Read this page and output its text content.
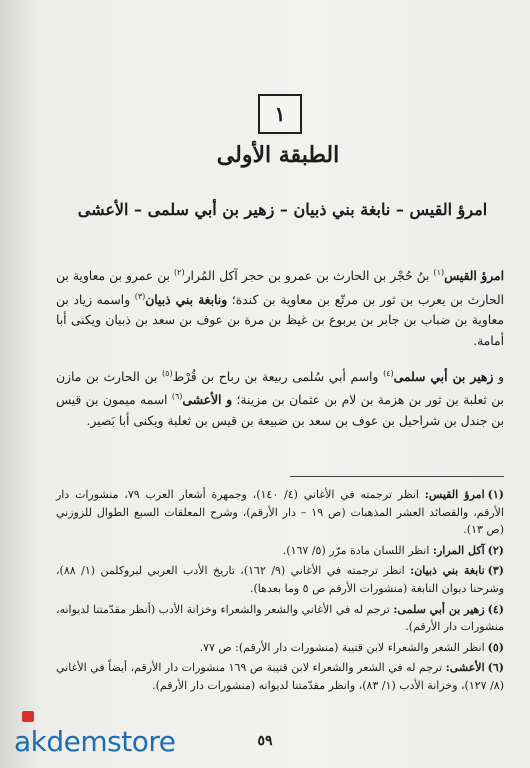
١
الطبقة الأولى
امرؤ القيس – نابغة بني ذبيان – زهير بن أبي سلمى – الأعشى

امرؤ القيس$^{(١)}$ بنُ حُجْر بن الحارث بن عمرو بن حجر آكل المُرار$^{(٢)}$ بن عمرو بن معاوية بن الحارث بن يعرب بن ثور بن مرتّع بن معاوية بن كندة؛ ونابغة بني ذبيان$^{(٣)}$ واسمه زياد بن معاوية بن ضباب بن جابر بن يربوع بن غيظ بن مرة بن عوف بن سعد بن ذبيان ويكنى أبا أمامة.

و زهير بن أبي سلمى$^{(٤)}$ واسم أبي سُلمى ربيعة بن رباح بن قُرْط$^{(٥)}$ بن الحارث بن مازن بن ثعلبة بن ثور بن هزمة بن لام بن عثمان بن مزينة؛ و الأعشى$^{(٦)}$ اسمه ميمون بن قيس بن جندل بن شراحيل بن عوف بن سعد بن ضبيعة بن قيس بن ثعلبة ويكنى أبا بَصير.

(١)امرؤ القيس: انظر ترجمته في الأغاني (٤/ ١٤٠)، وجمهرة أشعار العرب ٧٩، منشورات دار الأرقم، والقصائد العشر المذهبات (ص ١٩ – دار الأرقم)، وشرح المعلقات السبع الطوال للزوزني (ص ١٣).
(٢)آكل المرار: انظر اللسان مادة مرّر (٥/ ١٦٧).
(٣)نابغة بني ذبيان: انظر ترجمته في الأغاني (٩/ ١٦٢)، تاريخ الأدب العربي لبروكلمن (١/ ٨٨)، وشرحنا ديوان النابغة (منشورات الأرقم ص ٥ وما بعدها).
(٤)زهير بن أبي سلمى: ترجم له في الأغاني والشعر والشعراء وخزانة الأدب (أنظر مقدّمتنا لديوانه، منشورات دار الأرقم).
(٥)انظر الشعر والشعراء لابن قتيبة (منشورات دار الأرقم): ص ٧٧.
(٦)الأعشى: ترجم له في الشعر والشعراء لابن قتيبة ص ١٦٩ منشورات دار الأرقم، أيضاً في الأغاني (٨/ ١٢٧)، وخزانة الأدب (١/ ٨٣)، وانظر مقدّمتنا لديوانه (منشورات دار الأرقم).
٥٩
akdemstore
